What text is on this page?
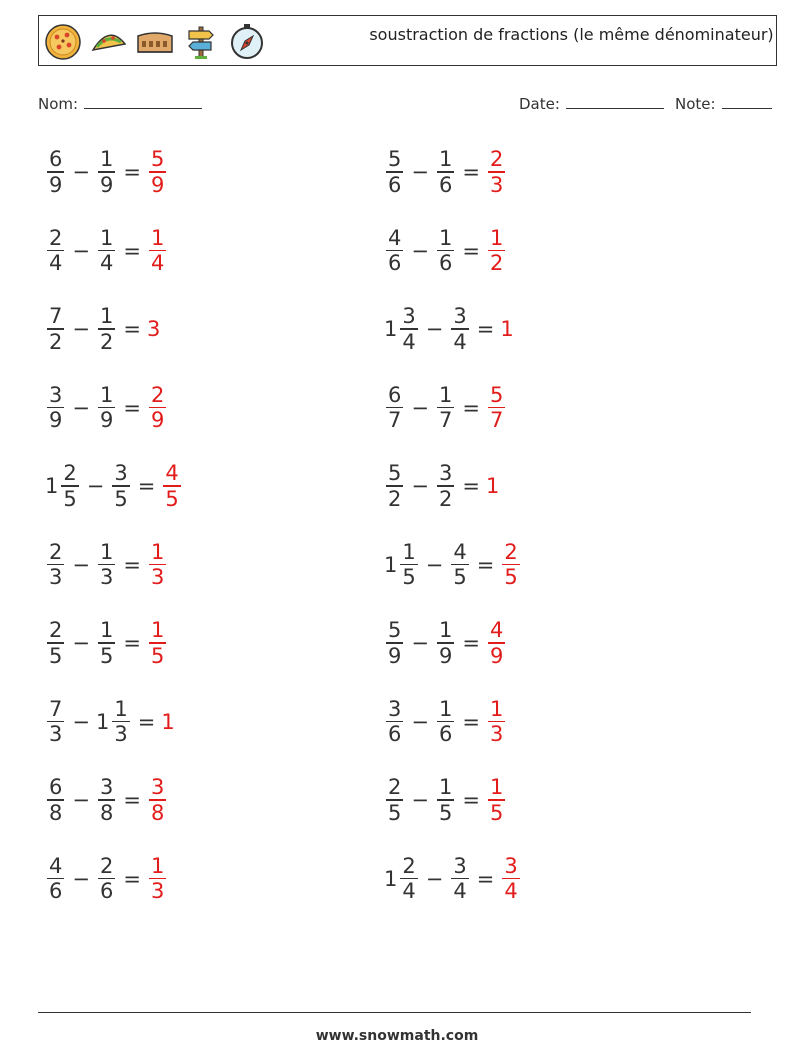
soustraction de fractions (le même dénominateur)
Nom:	Date:	Note:
$\frac{6}{9} - \frac{1}{9} = \frac{5}{9}$
$\frac{2}{4} - \frac{1}{4} = \frac{1}{4}$
$\frac{7}{2} - \frac{1}{2} = 3$
$\frac{3}{9} - \frac{1}{9} = \frac{2}{9}$
$1 \frac{2}{5} - \frac{3}{5} = \frac{4}{5}$
$\frac{2}{3} - \frac{1}{3} = \frac{1}{3}$
$\frac{2}{5} - \frac{1}{5} = \frac{1}{5}$
$\frac{7}{3} - 1 \frac{1}{3} = 1$
$\frac{6}{8} - \frac{3}{8} = \frac{3}{8}$
$\frac{4}{6} - \frac{2}{6} = \frac{1}{3}$
$\frac{5}{6} - \frac{1}{6} = \frac{2}{3}$
$\frac{4}{6} - \frac{1}{6} = \frac{1}{2}$
$1 \frac{3}{4} - \frac{3}{4} = 1$
$\frac{6}{7} - \frac{1}{7} = \frac{5}{7}$
$\frac{5}{2} - \frac{3}{2} = 1$
$1 \frac{1}{5} - \frac{4}{5} = \frac{2}{5}$
$\frac{5}{9} - \frac{1}{9} = \frac{4}{9}$
$\frac{3}{6} - \frac{1}{6} = \frac{1}{3}$
$\frac{2}{5} - \frac{1}{5} = \frac{1}{5}$
$1 \frac{2}{4} - \frac{3}{4} = \frac{3}{4}$
www.snowmath.com
